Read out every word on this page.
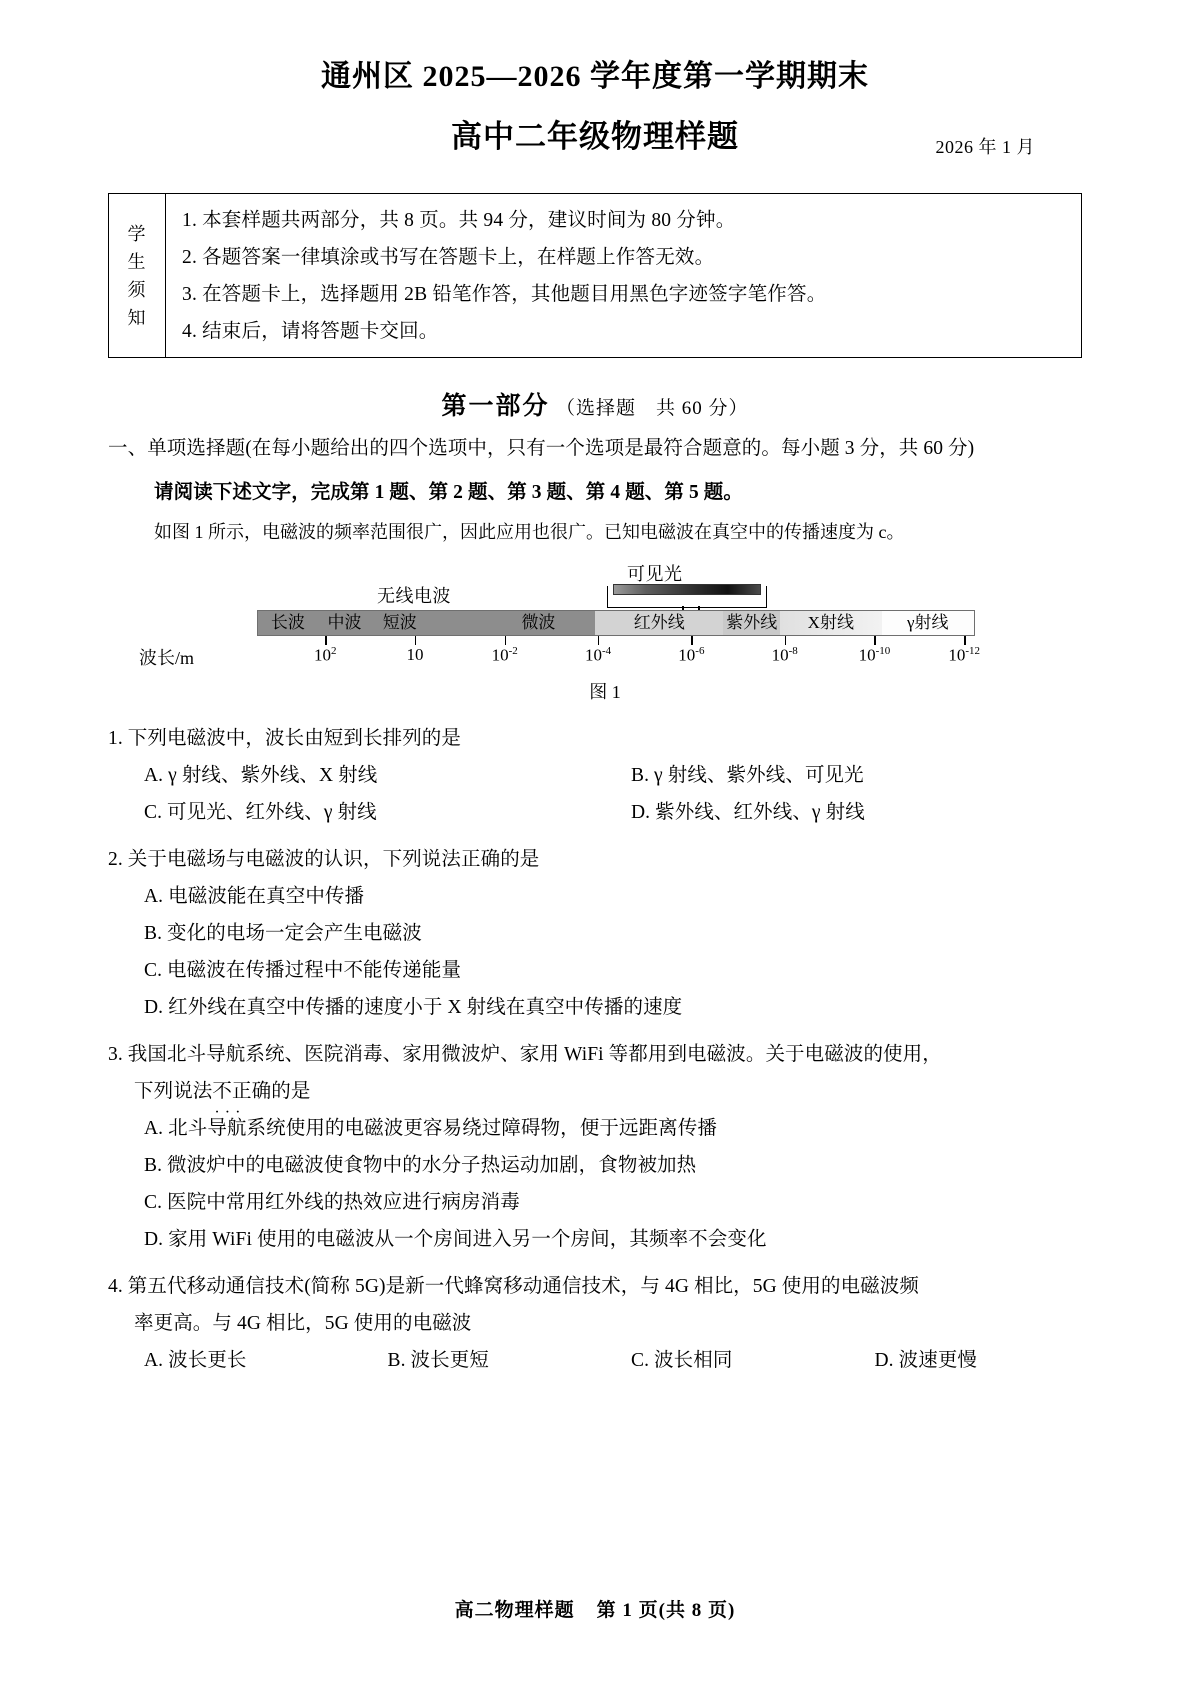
通州区 2025—2026 学年度第一学期期末
高中二年级物理样题	2026 年 1 月
学
生
须
知

1. 本套样题共两部分，共 8 页。共 94 分，建议时间为 80 分钟。

2. 各题答案一律填涂或书写在答题卡上，在样题上作答无效。

3. 在答题卡上，选择题用 2B 铅笔作答，其他题目用黑色字迹签字笔作答。

4. 结束后，请将答题卡交回。

第一部分 （选择题　共 60 分）
一、单项选择题(在每小题给出的四个选项中，只有一个选项是最符合题意的。每小题 3 分，共 60 分)
请阅读下述文字，完成第 1 题、第 2 题、第 3 题、第 4 题、第 5 题。
如图 1 所示，电磁波的频率范围很广，因此应用也很广。已知电磁波在真空中的传播速度为 c。
可见光
无线电波
长波	中波	短波	微波	红外线	紫外线	X射线	γ射线
波长/m	$10^2$	10	$10^{-2}$	$10^{-4}$	$10^{-6}$	$10^{-8}$	$10^{-10}$	$10^{-12}$
图 1
1. 下列电磁波中，波长由短到长排列的是
A. γ 射线、紫外线、X 射线	B. γ 射线、紫外线、可见光
C. 可见光、红外线、γ 射线	D. 紫外线、红外线、γ 射线
2. 关于电磁场与电磁波的认识，下列说法正确的是
A. 电磁波能在真空中传播
B. 变化的电场一定会产生电磁波
C. 电磁波在传播过程中不能传递能量
D. 红外线在真空中传播的速度小于 X 射线在真空中传播的速度
3. 我国北斗导航系统、医院消毒、家用微波炉、家用 WiFi 等都用到电磁波。关于电磁波的使用，
下列说法不正确 ···的是
A. 北斗导航系统使用的电磁波更容易绕过障碍物，便于远距离传播
B. 微波炉中的电磁波使食物中的水分子热运动加剧，食物被加热
C. 医院中常用红外线的热效应进行病房消毒
D. 家用 WiFi 使用的电磁波从一个房间进入另一个房间，其频率不会变化
4. 第五代移动通信技术(简称 5G)是新一代蜂窝移动通信技术，与 4G 相比，5G 使用的电磁波频
率更高。与 4G 相比，5G 使用的电磁波
A. 波长更长	B. 波长更短	C. 波长相同	D. 波速更慢
高二物理样题 第 1 页(共 8 页)
